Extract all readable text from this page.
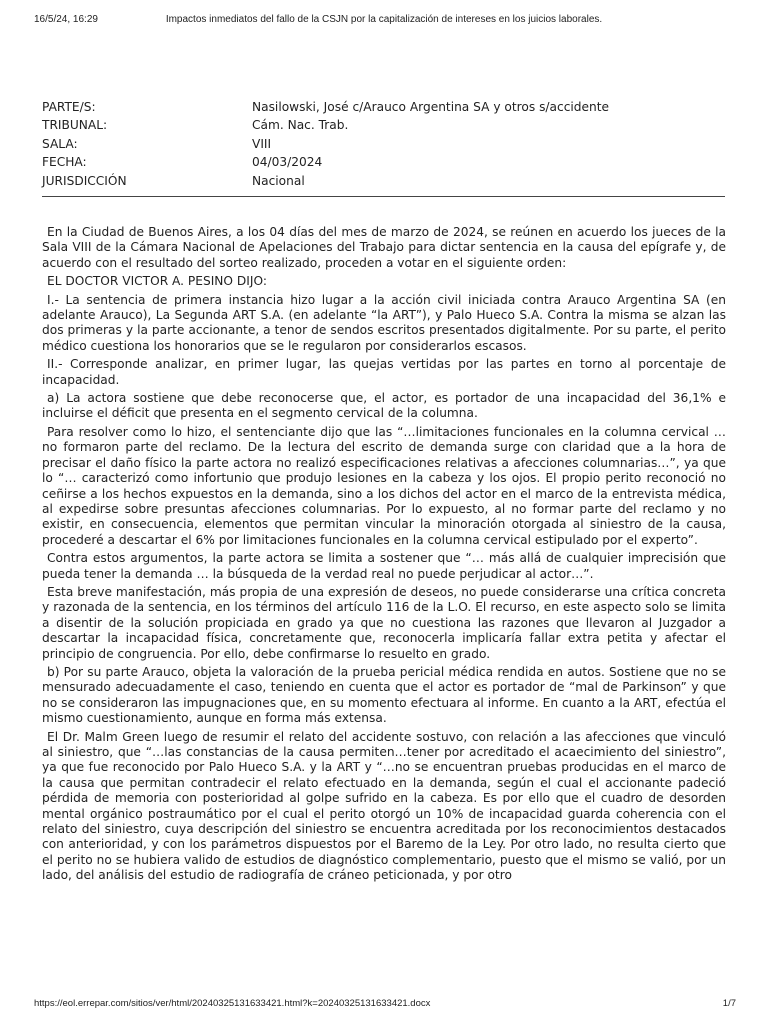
16/5/24, 16:29	Impactos inmediatos del fallo de la CSJN por la capitalización de intereses en los juicios laborales.
PARTE/S:	Nasilowski, José c/Arauco Argentina SA y otros s/accidente
TRIBUNAL:	Cám. Nac. Trab.
SALA:	VIII
FECHA:	04/03/2024
JURISDICCIÓN	Nacional

En la Ciudad de Buenos Aires, a los 04 días del mes de marzo de 2024, se reúnen en acuerdo los jueces de la Sala VIII de la Cámara Nacional de Apelaciones del Trabajo para dictar sentencia en la causa del epígrafe y, de acuerdo con el resultado del sorteo realizado, proceden a votar en el siguiente orden:

EL DOCTOR VICTOR A. PESINO DIJO:

I.- La sentencia de primera instancia hizo lugar a la acción civil iniciada contra Arauco Argentina SA (en adelante Arauco), La Segunda ART S.A. (en adelante “la ART”), y Palo Hueco S.A. Contra la misma se alzan las dos primeras y la parte accionante, a tenor de sendos escritos presentados digitalmente. Por su parte, el perito médico cuestiona los honorarios que se le regularon por considerarlos escasos.

II.- Corresponde analizar, en primer lugar, las quejas vertidas por las partes en torno al porcentaje de incapacidad.

a) La actora sostiene que debe reconocerse que, el actor, es portador de una incapacidad del 36,1% e incluirse el déficit que presenta en el segmento cervical de la columna.

Para resolver como lo hizo, el sentenciante dijo que las “…limitaciones funcionales en la columna cervical … no formaron parte del reclamo. De la lectura del escrito de demanda surge con claridad que a la hora de precisar el daño físico la parte actora no realizó especificaciones relativas a afecciones columnarias…”, ya que lo “… caracterizó como infortunio que produjo lesiones en la cabeza y los ojos. El propio perito reconoció no ceñirse a los hechos expuestos en la demanda, sino a los dichos del actor en el marco de la entrevista médica, al expedirse sobre presuntas afecciones columnarias. Por lo expuesto, al no formar parte del reclamo y no existir, en consecuencia, elementos que permitan vincular la minoración otorgada al siniestro de la causa, procederé a descartar el 6% por limitaciones funcionales en la columna cervical estipulado por el experto”.

Contra estos argumentos, la parte actora se limita a sostener que “… más allá de cualquier imprecisión que pueda tener la demanda … la búsqueda de la verdad real no puede perjudicar al actor…”.

Esta breve manifestación, más propia de una expresión de deseos, no puede considerarse una crítica concreta y razonada de la sentencia, en los términos del artículo 116 de la L.O. El recurso, en este aspecto solo se limita a disentir de la solución propiciada en grado ya que no cuestiona las razones que llevaron al Juzgador a descartar la incapacidad física, concretamente que, reconocerla implicaría fallar extra petita y afectar el principio de congruencia. Por ello, debe confirmarse lo resuelto en grado.

b) Por su parte Arauco, objeta la valoración de la prueba pericial médica rendida en autos. Sostiene que no se mensurado adecuadamente el caso, teniendo en cuenta que el actor es portador de “mal de Parkinson” y que no se consideraron las impugnaciones que, en su momento efectuara al informe. En cuanto a la ART, efectúa el mismo cuestionamiento, aunque en forma más extensa.

El Dr. Malm Green luego de resumir el relato del accidente sostuvo, con relación a las afecciones que vinculó al siniestro, que “…las constancias de la causa permiten…tener por acreditado el acaecimiento del siniestro”, ya que fue reconocido por Palo Hueco S.A. y la ART y “…no se encuentran pruebas producidas en el marco de la causa que permitan contradecir el relato efectuado en la demanda, según el cual el accionante padeció pérdida de memoria con posterioridad al golpe sufrido en la cabeza. Es por ello que el cuadro de desorden mental orgánico postraumático por el cual el perito otorgó un 10% de incapacidad guarda coherencia con el relato del siniestro, cuya descripción del siniestro se encuentra acreditada por los reconocimientos destacados con anterioridad, y con los parámetros dispuestos por el Baremo de la Ley. Por otro lado, no resulta cierto que el perito no se hubiera valido de estudios de diagnóstico complementario, puesto que el mismo se valió, por un lado, del análisis del estudio de radiografía de cráneo peticionada, y por otro

https://eol.errepar.com/sitios/ver/html/20240325131633421.html?k=20240325131633421.docx	1/7
